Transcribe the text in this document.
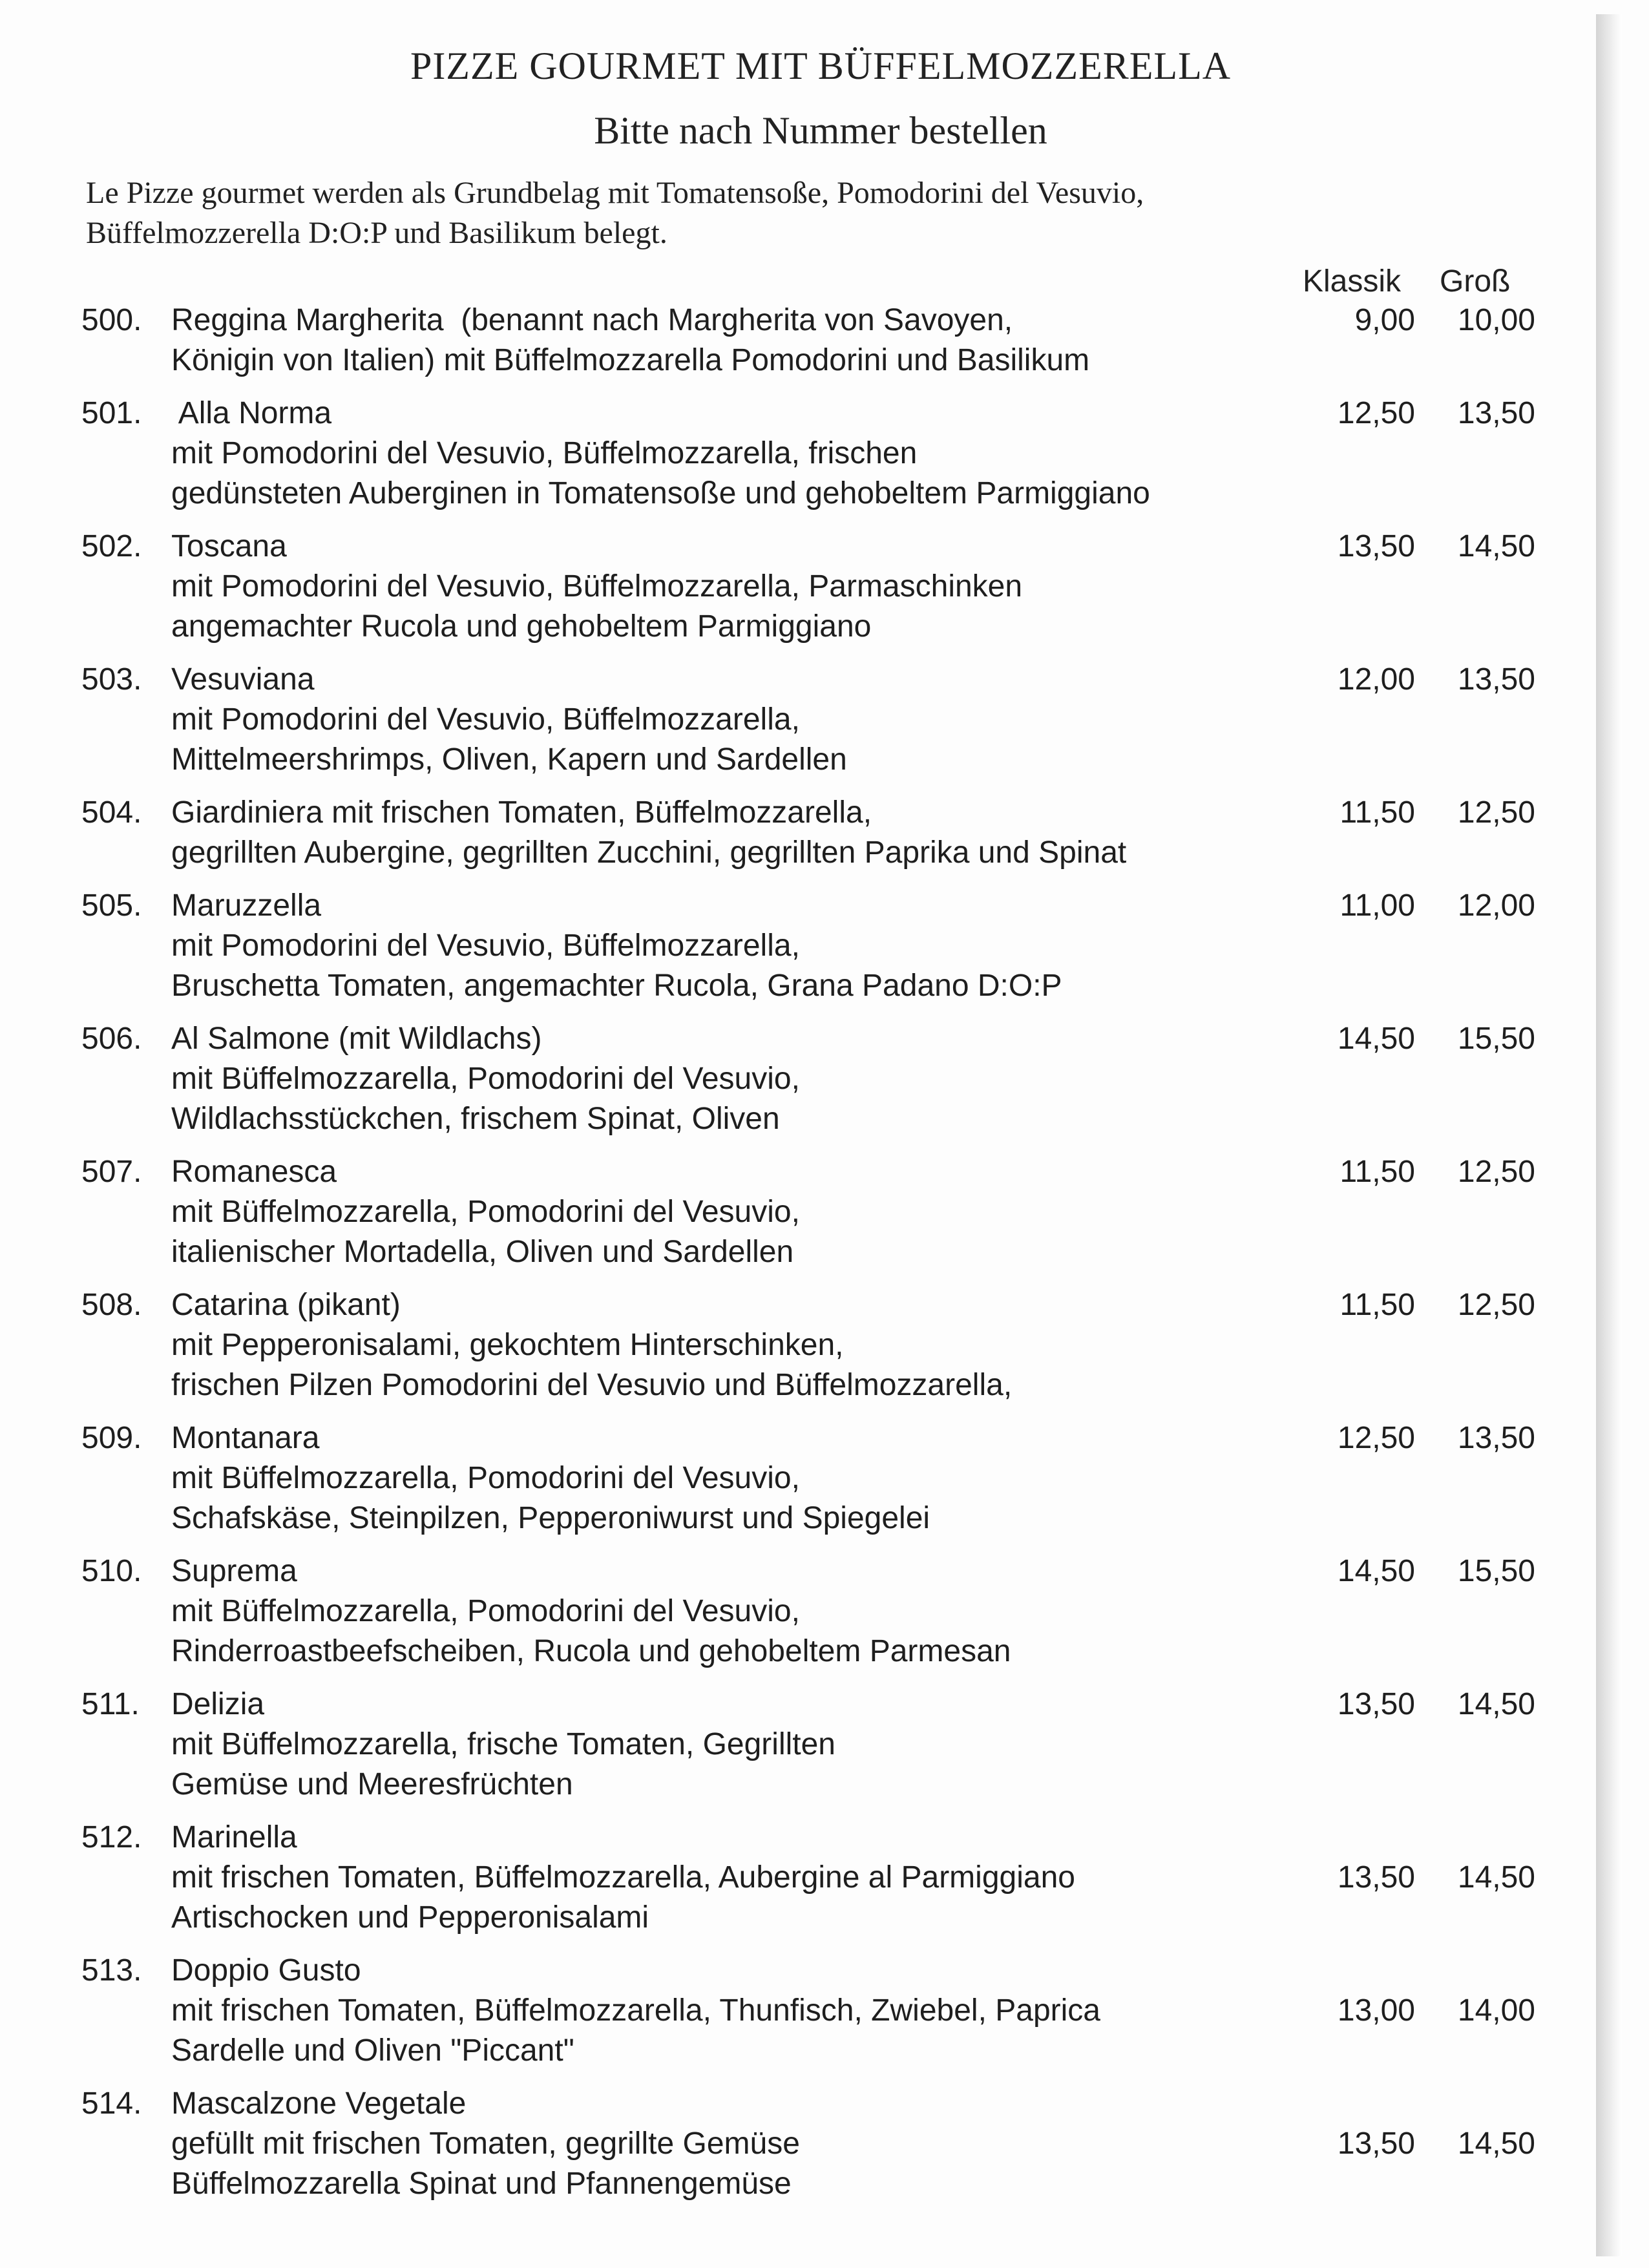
PIZZE GOURMET MIT BÜFFELMOZZERELLA
Bitte nach Nummer bestellen
Le Pizze gourmet werden als Grundbelag mit Tomatensoße, Pomodorini del Vesuvio,
Büffelmozzerella D:O:P und Basilikum belegt.
Klassik Groß
500. Reggina Margherita  (benannt nach Margherita von Savoyen,
Königin von Italien) mit Büffelmozzarella Pomodorini und Basilikum
9,00	10,00
501. Alla Norma
mit Pomodorini del Vesuvio, Büffelmozzarella, frischen
gedünsteten Auberginen in Tomatensoße und gehobeltem Parmiggiano
12,50	13,50
502. Toscana
mit Pomodorini del Vesuvio, Büffelmozzarella, Parmaschinken
angemachter Rucola und gehobeltem Parmiggiano
13,50	14,50
503. Vesuviana
mit Pomodorini del Vesuvio, Büffelmozzarella,
Mittelmeershrimps, Oliven, Kapern und Sardellen
12,00	13,50
504. Giardiniera mit frischen Tomaten, Büffelmozzarella,
gegrillten Aubergine, gegrillten Zucchini, gegrillten Paprika und Spinat
11,50	12,50
505. Maruzzella
mit Pomodorini del Vesuvio, Büffelmozzarella,
Bruschetta Tomaten, angemachter Rucola, Grana Padano D:O:P
11,00	12,00
506. Al Salmone (mit Wildlachs)
mit Büffelmozzarella, Pomodorini del Vesuvio,
Wildlachsstückchen, frischem Spinat, Oliven
14,50	15,50
507. Romanesca
mit Büffelmozzarella, Pomodorini del Vesuvio,
italienischer Mortadella, Oliven und Sardellen
11,50	12,50
508. Catarina (pikant)
mit Pepperonisalami, gekochtem Hinterschinken,
frischen Pilzen Pomodorini del Vesuvio und Büffelmozzarella,
11,50	12,50
509. Montanara
mit Büffelmozzarella, Pomodorini del Vesuvio,
Schafskäse, Steinpilzen, Pepperoniwurst und Spiegelei
12,50	13,50
510. Suprema
mit Büffelmozzarella, Pomodorini del Vesuvio,
Rinderroastbeefscheiben, Rucola und gehobeltem Parmesan
14,50	15,50
511. Delizia
mit Büffelmozzarella, frische Tomaten, Gegrillten
Gemüse und Meeresfrüchten
13,50	14,50
512. Marinella
mit frischen Tomaten, Büffelmozzarella, Aubergine al Parmiggiano
Artischocken und Pepperonisalami
13,50	14,50
513. Doppio Gusto
mit frischen Tomaten, Büffelmozzarella, Thunfisch, Zwiebel, Paprica
Sardelle und Oliven "Piccant"
13,00	14,00
514. Mascalzone Vegetale
gefüllt mit frischen Tomaten, gegrillte Gemüse
Büffelmozzarella Spinat und Pfannengemüse
13,50	14,50
